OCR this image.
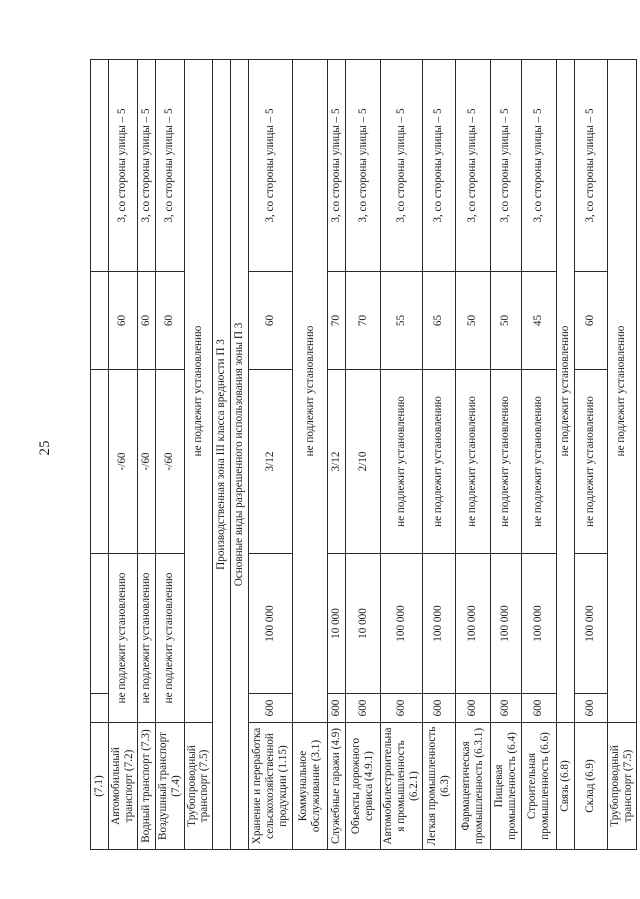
25
(7.1)					
Автомобильный транспорт (7.2)	не подлежит установлению		-/60	60	3, со стороны улицы – 5
Водный транспорт (7.3)	не подлежит установлению		-/60	60	3, со стороны улицы – 5
Воздушный транспорт (7.4)	не подлежит установлению		-/60	60	3, со стороны улицы – 5
Трубопроводный транспорт (7.5)	не подлежит установлению				
Производственная зона III класса вредности П 3					
Основные виды разрешенного использования зоны П 3					
Хранение и переработка сельскохозяйственной продукции (1.15)	600	100 000	3/12	60	3, со стороны улицы – 5
Коммунальное обслуживание (3.1)	не подлежит установлению				
Служебные гаражи (4.9)	600	10 000	3/12	70	3, со стороны улицы – 5
Объекты дорожного сервиса (4.9.1)	600	10 000	2/10	70	3, со стороны улицы – 5
Автомобилестроительная промышленность (6.2.1)	600	100 000	не подлежит установлению	55	3, со стороны улицы – 5
Легкая промышленность (6.3)	600	100 000	не подлежит установлению	65	3, со стороны улицы – 5
Фармацевтическая промышленность (6.3.1)	600	100 000	не подлежит установлению	50	3, со стороны улицы – 5
Пищевая промышленность (6.4)	600	100 000	не подлежит установлению	50	3, со стороны улицы – 5
Строительная промышленность (6.6)	600	100 000	не подлежит установлению	45	3, со стороны улицы – 5
Связь (6.8)	не подлежит установлению				
Склад (6.9)	600	100 000	не подлежит установлению	60	3, со стороны улицы – 5
Трубопроводный транспорт (7.5)	не подлежит установлению				
